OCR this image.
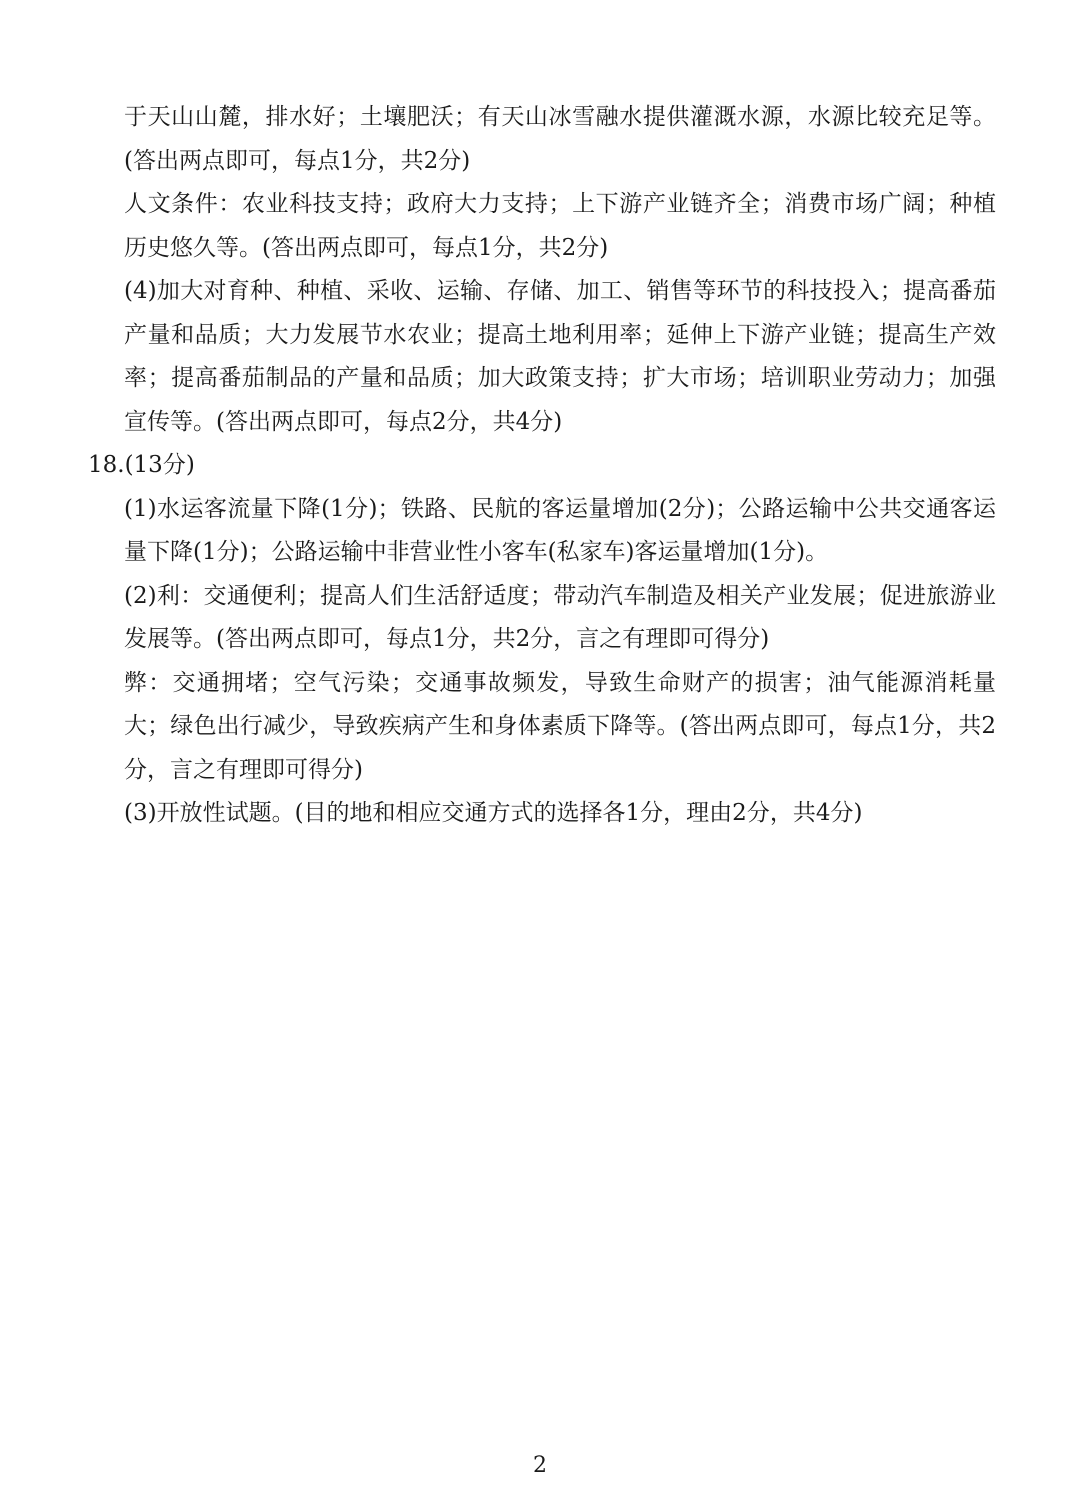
于天山山麓，排水好；土壤肥沃；有天山冰雪融水提供灌溉水源，水源比较充足等。(答出两点即可，每点1分，共2分)

人文条件：农业科技支持；政府大力支持；上下游产业链齐全；消费市场广阔；种植历史悠久等。(答出两点即可，每点1分，共2分)

(4)加大对育种、种植、采收、运输、存储、加工、销售等环节的科技投入；提高番茄产量和品质；大力发展节水农业；提高土地利用率；延伸上下游产业链；提高生产效率；提高番茄制品的产量和品质；加大政策支持；扩大市场；培训职业劳动力；加强宣传等。(答出两点即可，每点2分，共4分)

18.(13分)

(1)水运客流量下降(1分)；铁路、民航的客运量增加(2分)；公路运输中公共交通客运量下降(1分)；公路运输中非营业性小客车(私家车)客运量增加(1分)。

(2)利：交通便利；提高人们生活舒适度；带动汽车制造及相关产业发展；促进旅游业发展等。(答出两点即可，每点1分，共2分，言之有理即可得分)

弊：交通拥堵；空气污染；交通事故频发，导致生命财产的损害；油气能源消耗量大；绿色出行减少，导致疾病产生和身体素质下降等。(答出两点即可，每点1分，共2分，言之有理即可得分)

(3)开放性试题。(目的地和相应交通方式的选择各1分，理由2分，共4分)

2
